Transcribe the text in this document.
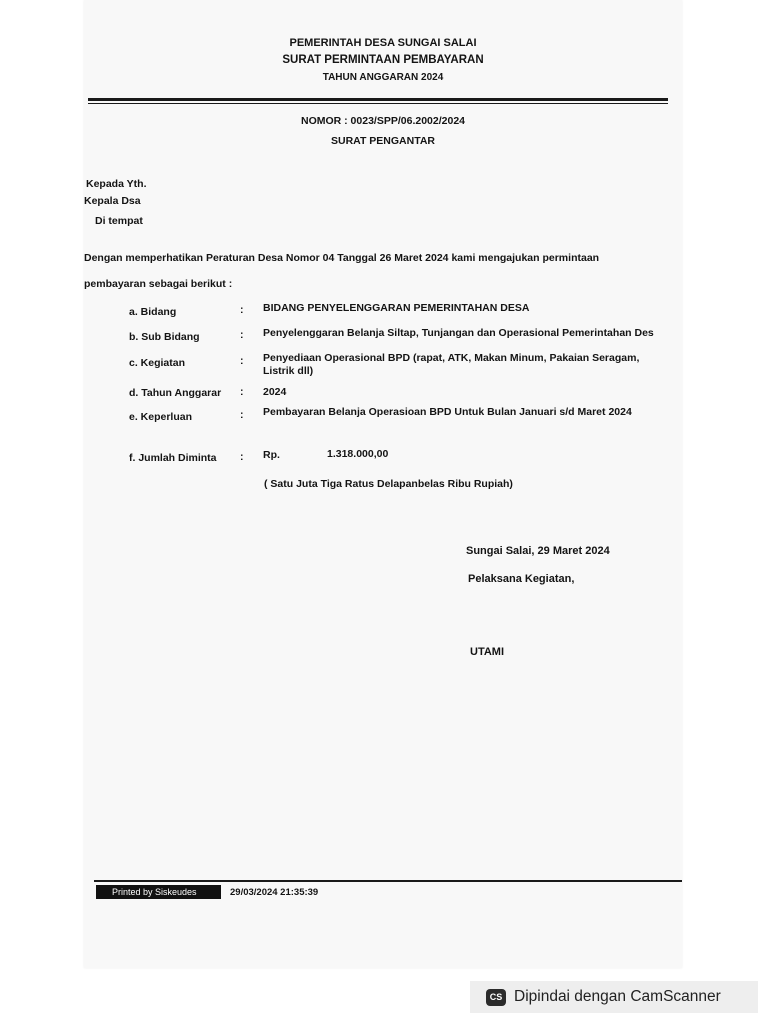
PEMERINTAH DESA SUNGAI SALAI
SURAT PERMINTAAN PEMBAYARAN
TAHUN ANGGARAN 2024
NOMOR : 0023/SPP/06.2002/2024
SURAT PENGANTAR
Kepada Yth.
Kepala Dsa
Di tempat
Dengan memperhatikan Peraturan Desa Nomor 04 Tanggal 26 Maret 2024 kami mengajukan permintaan
pembayaran sebagai berikut :
a. Bidang	: BIDANG PENYELENGGARAN PEMERINTAHAN DESA
b. Sub Bidang	: Penyelenggaran Belanja Siltap, Tunjangan dan Operasional Pemerintahan Des
c. Kegiatan	: Penyediaan Operasional BPD (rapat, ATK, Makan Minum, Pakaian Seragam,
Listrik dll)
d. Tahun Anggarar : 2024
e. Keperluan	: Pembayaran Belanja Operasioan BPD Untuk Bulan Januari s/d Maret 2024
f. Jumlah Diminta : Rp.	1.318.000,00
( Satu Juta Tiga Ratus Delapanbelas Ribu Rupiah)
Sungai Salai, 29 Maret 2024
Pelaksana Kegiatan,
UTAMI
Printed by Siskeudes	29/03/2024 21:35:39
CS Dipindai dengan CamScanner
